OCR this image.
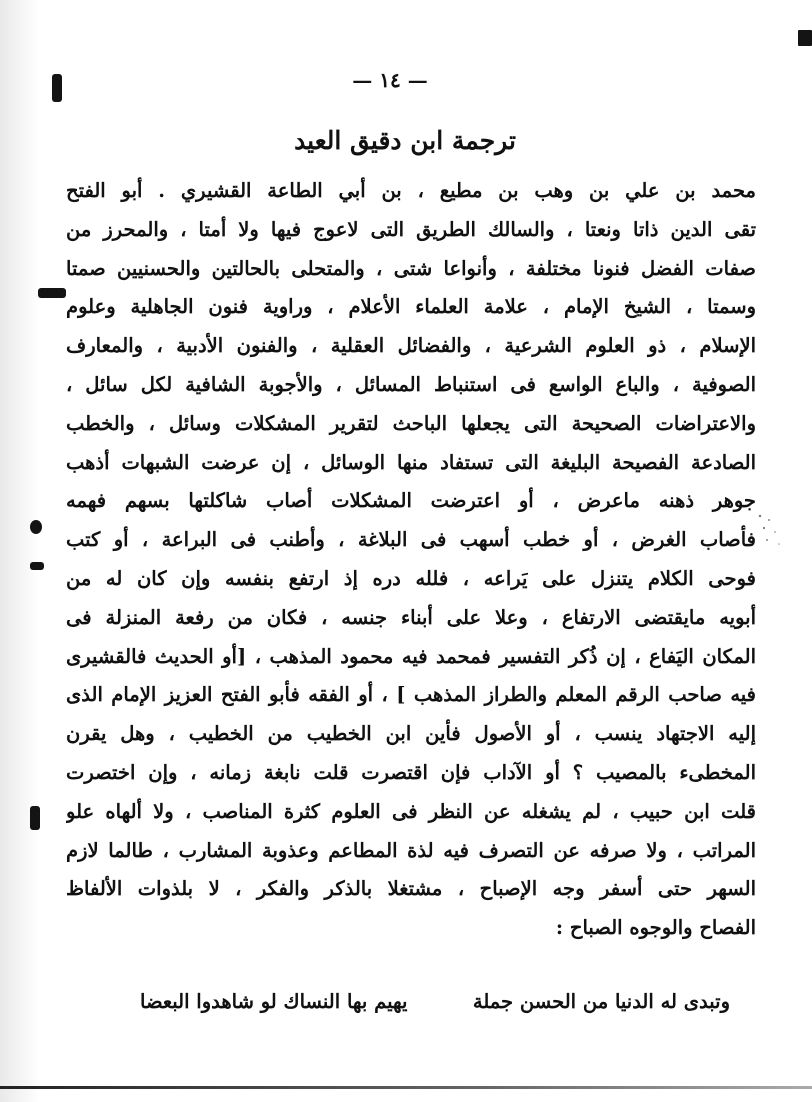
— ١٤ —
ترجمة ابن دقيق العيد
محمد بن علي بن وهب بن مطيع ، بن أبي الطاعة القشيري . أبو الفتح
تقى الدين ذاتا ونعتا ، والسالك الطريق التى لاعوج فيها ولا أمتا ، والمحرز من
صفات الفضل فنونا مختلفة ، وأنواعا شتى ، والمتحلى بالحالتين والحسنيين صمتا
وسمتا ، الشيخ الإمام ، علامة العلماء الأعلام ، وراوية فنون الجاهلية وعلوم
الإسلام ، ذو العلوم الشرعية ، والفضائل العقلية ، والفنون الأدبية ، والمعارف
الصوفية ، والباع الواسع فى استنباط المسائل ، والأجوبة الشافية لكل سائل ،
والاعتراضات الصحيحة التى يجعلها الباحث لتقرير المشكلات وسائل ، والخطب
الصادعة الفصيحة البليغة التى تستفاد منها الوسائل ، إن عرضت الشبهات أذهب
جوهر ذهنه ماعرض ، أو اعترضت المشكلات أصاب شاكلتها بسهم فهمه
فأصاب الغرض ، أو خطب أسهب فى البلاغة ، وأطنب فى البراعة ، أو كتب
فوحى الكلام يتنزل على يَراعه ، فلله دره إذ ارتفع بنفسه وإن كان له من
أبويه مايقتضى الارتفاع ، وعلا على أبناء جنسه ، فكان من رفعة المنزلة فى
المكان اليَفاع ، إن ذُكر التفسير فمحمد فيه محمود المذهب ، [أو الحديث فالقشيرى
فيه صاحب الرقم المعلم والطراز المذهب ] ، أو الفقه فأبو الفتح العزيز الإمام الذى
إليه الاجتهاد ينسب ، أو الأصول فأين ابن الخطيب من الخطيب ، وهل يقرن
المخطىء بالمصيب ؟ أو الآداب فإن اقتصرت قلت نابغة زمانه ، وإن اختصرت
قلت ابن حبيب ، لم يشغله عن النظر فى العلوم كثرة المناصب ، ولا ألهاه علو
المراتب ، ولا صرفه عن التصرف فيه لذة المطاعم وعذوبة المشارب ، طالما لازم
السهر حتى أسفر وجه الإصباح ، مشتغلا بالذكر والفكر ، لا بلذوات الألفاظ
الفصاح والوجوه الصباح :
وتبدى له الدنيا من الحسن جملة
يهيم بها النساك لو شاهدوا البعضا
